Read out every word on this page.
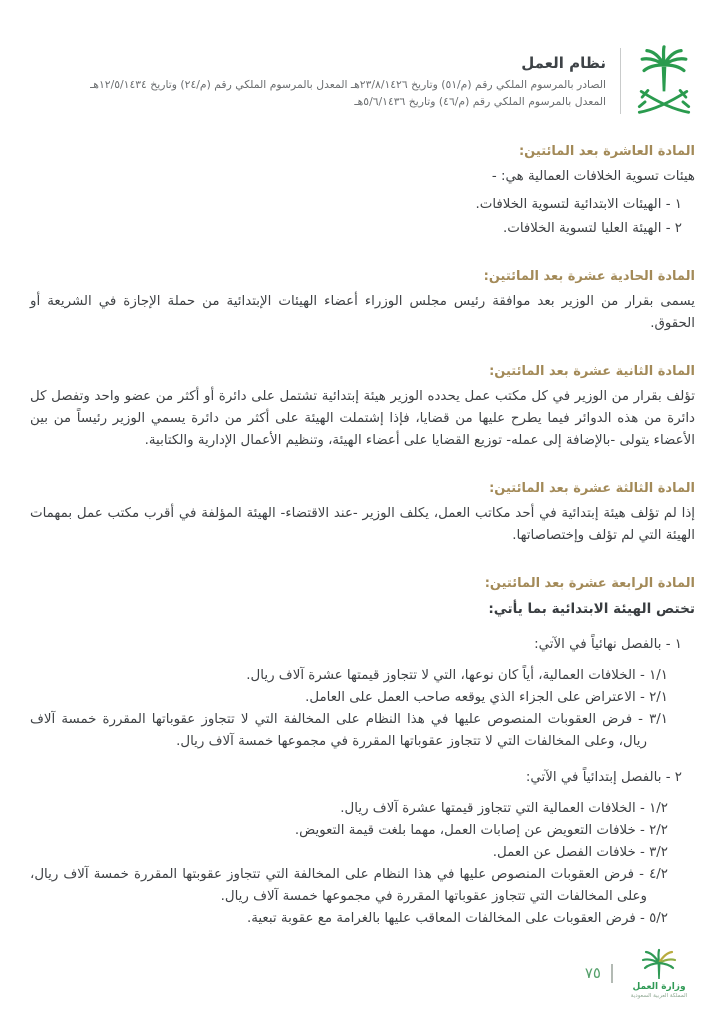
نظام العمل

الصادر بالمرسوم الملكي رقم (م/٥١) وتاريخ ٢٣/٨/١٤٢٦هـ المعدل بالمرسوم الملكي رقم (م/٢٤) وتاريخ ١٢/٥/١٤٣٤هـ

المعدل بالمرسوم الملكي رقم (م/٤٦) وتاريخ ٥/٦/١٤٣٦هـ

المادة العاشرة بعد المائتين:

هيئات تسوية الخلافات العمالية هي: -

١ - الهيئات الابتدائية لتسوية الخلافات.

٢ - الهيئة العليا لتسوية الخلافات.

المادة الحادية عشرة بعد المائتين:

يسمى بقرار من الوزير بعد موافقة رئيس مجلس الوزراء أعضاء الهيئات الإبتدائية من حملة الإجازة في الشريعة أو الحقوق.

المادة الثانية عشرة بعد المائتين:

تؤلف بقرار من الوزير في كل مكتب عمل يحدده الوزير هيئة إبتدائية تشتمل على دائرة أو أكثر من عضو واحد وتفصل كل دائرة من هذه الدوائر فيما يطرح عليها من قضايا، فإذا إشتملت الهيئة على أكثر من دائرة يسمي الوزير رئيساً من بين الأعضاء يتولى -بالإضافة إلى عمله- توزيع القضايا على أعضاء الهيئة، وتنظيم الأعمال الإدارية والكتابية.

المادة الثالثة عشرة بعد المائتين:

إذا لم تؤلف هيئة إبتدائية في أحد مكاتب العمل، يكلف الوزير -عند الاقتضاء- الهيئة المؤلفة في أقرب مكتب عمل بمهمات الهيئة التي لم تؤلف وإختصاصاتها.

المادة الرابعة عشرة بعد المائتين:

تختص الهيئة الابتدائية بما يأتي:

١ - بالفصل نهائياً في الآتي:

١/١ - الخلافات العمالية، أياً كان نوعها، التي لا تتجاوز قيمتها عشرة آلاف ريال.

٢/١ - الاعتراض على الجزاء الذي يوقعه صاحب العمل على العامل.

٣/١ - فرض العقوبات المنصوص عليها في هذا النظام على المخالفة التي لا تتجاوز عقوباتها المقررة خمسة آلاف ريال، وعلى المخالفات التي لا تتجاوز عقوباتها المقررة في مجموعها خمسة آلاف ريال.

٢ - بالفصل إبتدائياً في الآتي:

١/٢ - الخلافات العمالية التي تتجاوز قيمتها عشرة آلاف ريال.

٢/٢ - خلافات التعويض عن إصابات العمل، مهما بلغت قيمة التعويض.

٣/٢ - خلافات الفصل عن العمل.

٤/٢ - فرض العقوبات المنصوص عليها في هذا النظام على المخالفة التي تتجاوز عقوبتها المقررة خمسة آلاف ريال، وعلى المخالفات التي تتجاوز عقوباتها المقررة في مجموعها خمسة آلاف ريال.

٥/٢ - فرض العقوبات على المخالفات المعاقب عليها بالغرامة مع عقوبة تبعية.

وزارة العمل
المملكة العربية السعودية
٧٥
